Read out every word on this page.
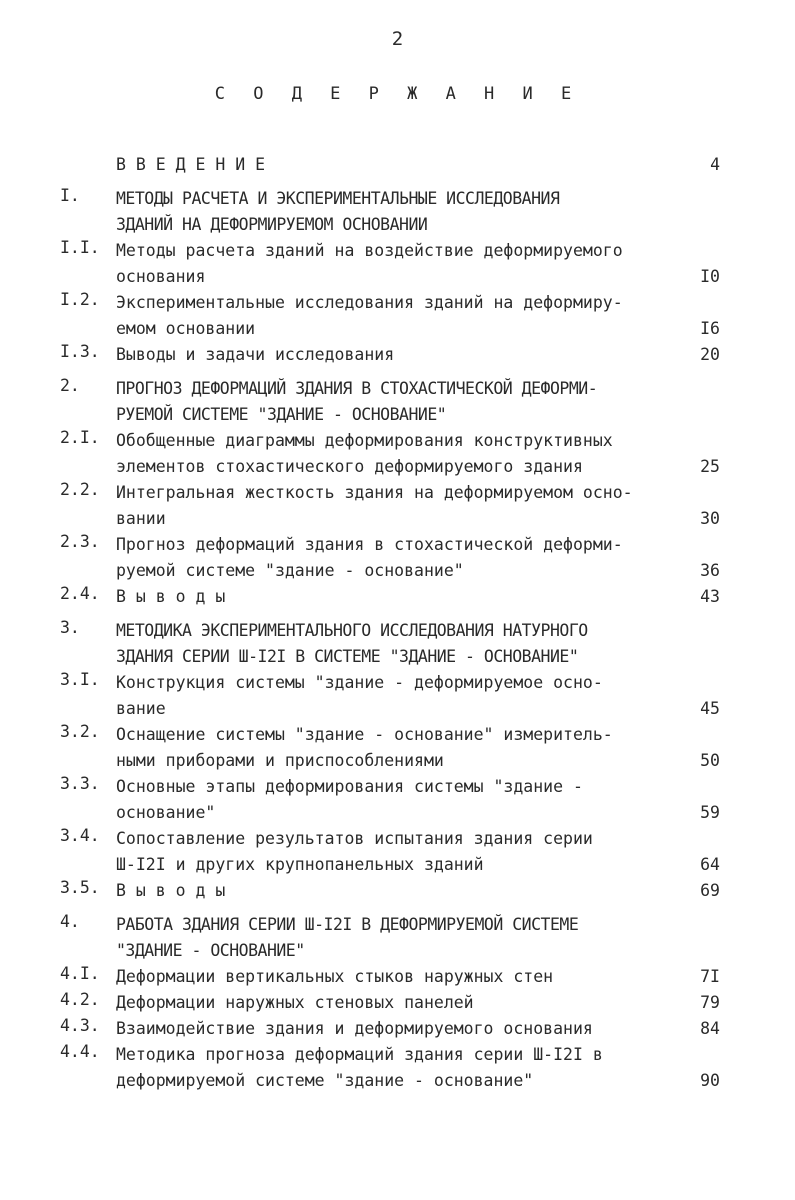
2
С О Д Е Р Ж А Н И Е
В В Е Д Е Н И Е	4
I.	МЕТОДЫ РАСЧЕТА И ЭКСПЕРИМЕНТАЛЬНЫЕ ИССЛЕДОВАНИЯ
ЗДАНИЙ НА ДЕФОРМИРУЕМОМ ОСНОВАНИИ
I.I. Методы расчета зданий на воздействие деформируемого
основания	I0
I.2. Экспериментальные исследования зданий на деформиру-
емом основании	I6
I.3. Выводы и задачи исследования	20
2.	ПРОГНОЗ ДЕФОРМАЦИЙ ЗДАНИЯ В СТОХАСТИЧЕСКОЙ ДЕФОРМИ-
РУЕМОЙ СИСТЕМЕ "ЗДАНИЕ - ОСНОВАНИЕ"
2.I. Обобщенные диаграммы деформирования конструктивных
элементов стохастического деформируемого здания	25
2.2. Интегральная жесткость здания на деформируемом осно-
вании	30
2.3. Прогноз деформаций здания в стохастической деформи-
руемой системе "здание - основание"	36
2.4. В ы в о д ы	43
3.	МЕТОДИКА ЭКСПЕРИМЕНТАЛЬНОГО ИССЛЕДОВАНИЯ НАТУРНОГО
ЗДАНИЯ СЕРИИ Ш-I2I В СИСТЕМЕ "ЗДАНИЕ - ОСНОВАНИЕ"
3.I. Конструкция системы "здание - деформируемое осно-
вание	45
3.2. Оснащение системы "здание - основание" измеритель-
ными приборами и приспособлениями	50
3.3. Основные этапы деформирования системы "здание -
основание"	59
3.4. Сопоставление результатов испытания здания серии
Ш-I2I и других крупнопанельных зданий	64
3.5. В ы в о д ы	69
4.	РАБОТА ЗДАНИЯ СЕРИИ Ш-I2I В ДЕФОРМИРУЕМОЙ СИСТЕМЕ
"ЗДАНИЕ - ОСНОВАНИЕ"
4.I. Деформации вертикальных стыков наружных стен	7I
4.2. Деформации наружных стеновых панелей	79
4.3. Взаимодействие здания и деформируемого основания	84
4.4. Методика прогноза деформаций здания серии Ш-I2I в
деформируемой системе "здание - основание"	90
